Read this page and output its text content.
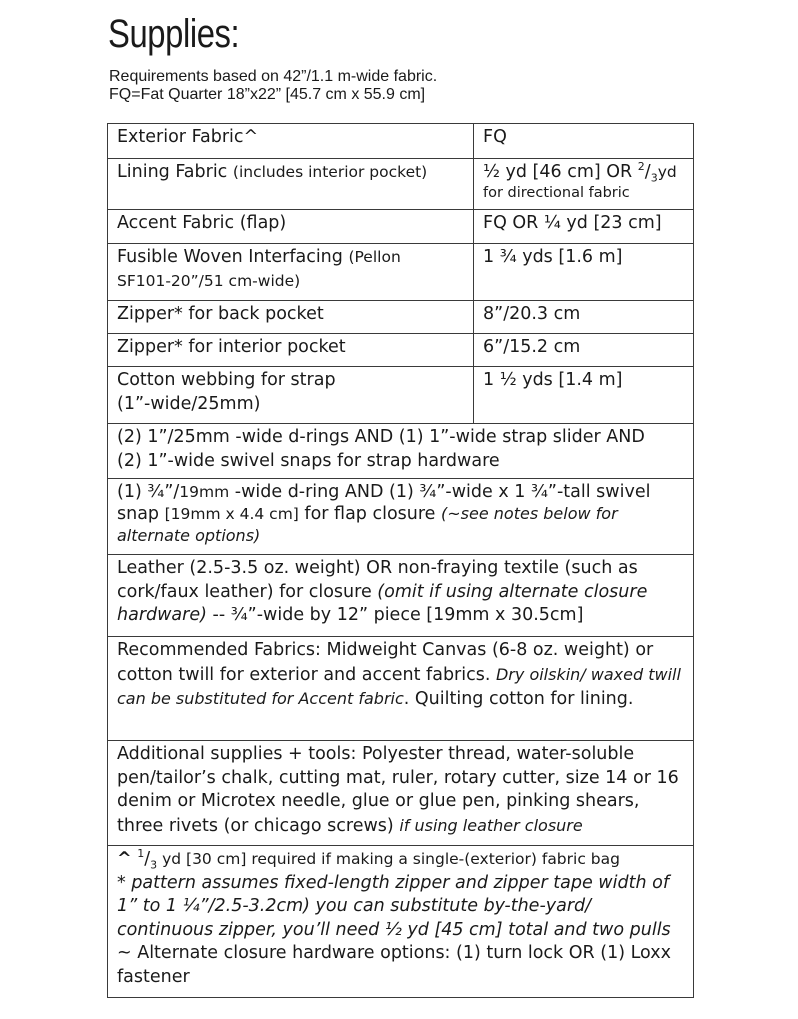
Supplies:
Requirements based on 42”/1.1 m-wide fabric.
FQ=Fat Quarter 18”x22” [45.7 cm x 55.9 cm]
Exterior Fabric^	FQ
Lining Fabric (includes interior pocket)	½ yd [46 cm] OR $^2/_3yd$
for directional fabric

Accent Fabric (flap)	FQ OR ¼ yd [23 cm]
Fusible Woven Interfacing (Pellon
SF101-20”/51 cm-wide)	1 ¾ yds [1.6 m]
Zipper* for back pocket	8”/20.3 cm
Zipper* for interior pocket	6”/15.2 cm

Cotton webbing for strap
(1”-wide/25mm)	1 ½ yds [1.4 m]

(2) 1”/25mm -wide d-rings AND (1) 1”-wide strap slider AND
(2) 1”-wide swivel snaps for strap hardware	

(1) ¾”/19mm -wide d-ring AND (1) ¾”-wide x 1 ¾”-tall swivel snap [19mm x 4.4 cm] for flap closure (~see notes below for alternate options)	
Leather (2.5-3.5 oz. weight) OR non-fraying textile (such as cork/faux leather) for closure (omit if using alternate closure hardware) -- ¾”-wide by 12” piece [19mm x 30.5cm]	
Recommended Fabrics: Midweight Canvas (6-8 oz. weight) or cotton twill for exterior and accent fabrics. Dry oilskin/ waxed twill can be substituted for Accent fabric. Quilting cotton for lining.	
Additional supplies + tools: Polyester thread, water-soluble pen/tailor’s chalk, cutting mat, ruler, rotary cutter, size 14 or 16 denim or Microtex needle, glue or glue pen, pinking shears, three rivets (or chicago screws) if using leather closure	

^ $^1/_3$ yd [30 cm] required if making a single-(exterior) fabric bag
* pattern assumes fixed-length zipper and zipper tape width of 1” to 1 ¼”/2.5-3.2cm) you can substitute by-the-yard/ continuous zipper, you’ll need ½ yd [45 cm] total and two pulls
~ Alternate closure hardware options: (1) turn lock OR (1) Loxx fastener	
